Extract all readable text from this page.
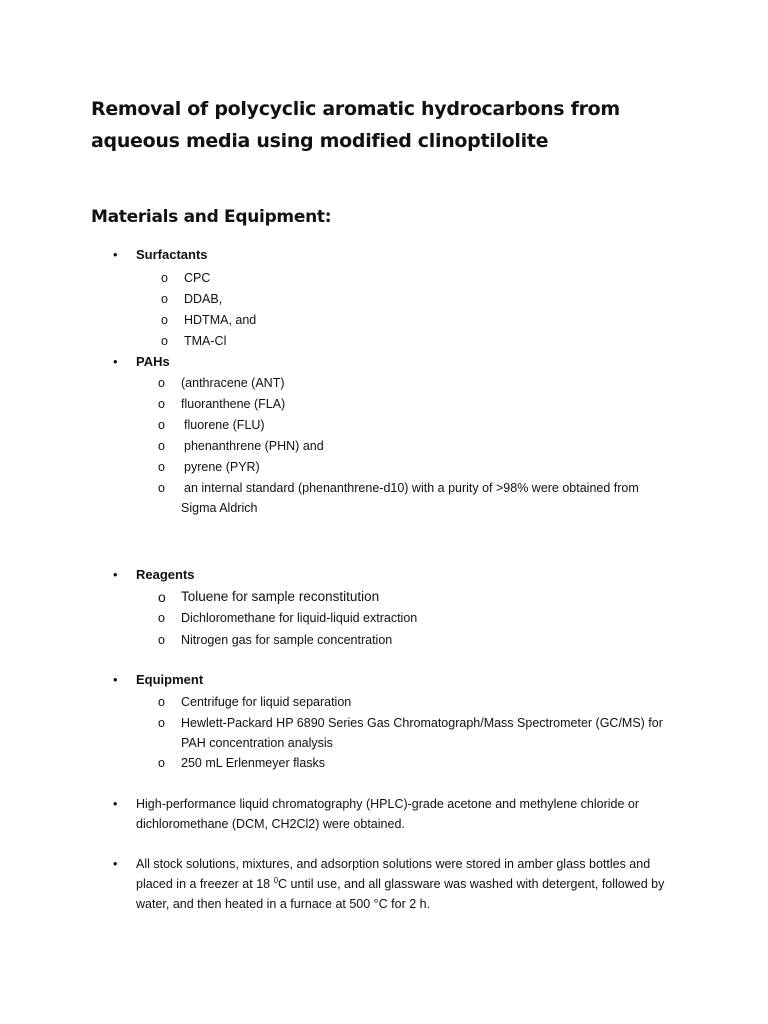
Removal of polycyclic aromatic hydrocarbons from aqueous media using modified clinoptilolite
Materials and Equipment:
•	Surfactants
o CPC
o DDAB,
o HDTMA, and
o TMA-Cl
•	PAHs
o (anthracene (ANT)
o fluoranthene (FLA)
o fluorene (FLU)
o phenanthrene (PHN) and
o pyrene (PYR)
o an internal standard (phenanthrene-d10) with a purity of >98% were obtained from
Sigma Aldrich
•	Reagents
o Toluene for sample reconstitution
o Dichloromethane for liquid-liquid extraction
o Nitrogen gas for sample concentration
•	Equipment
o Centrifuge for liquid separation
o Hewlett-Packard HP 6890 Series Gas Chromatograph/Mass Spectrometer (GC/MS) for
PAH concentration analysis
o 250 mL Erlenmeyer flasks
• High-performance liquid chromatography (HPLC)-grade acetone and methylene chloride or dichloromethane (DCM, CH2Cl2) were obtained.
• All stock solutions, mixtures, and adsorption solutions were stored in amber glass bottles and placed in a freezer at 18 $^0$C until use, and all glassware was washed with detergent, followed by water, and then heated in a furnace at 500 °C for 2 h.
